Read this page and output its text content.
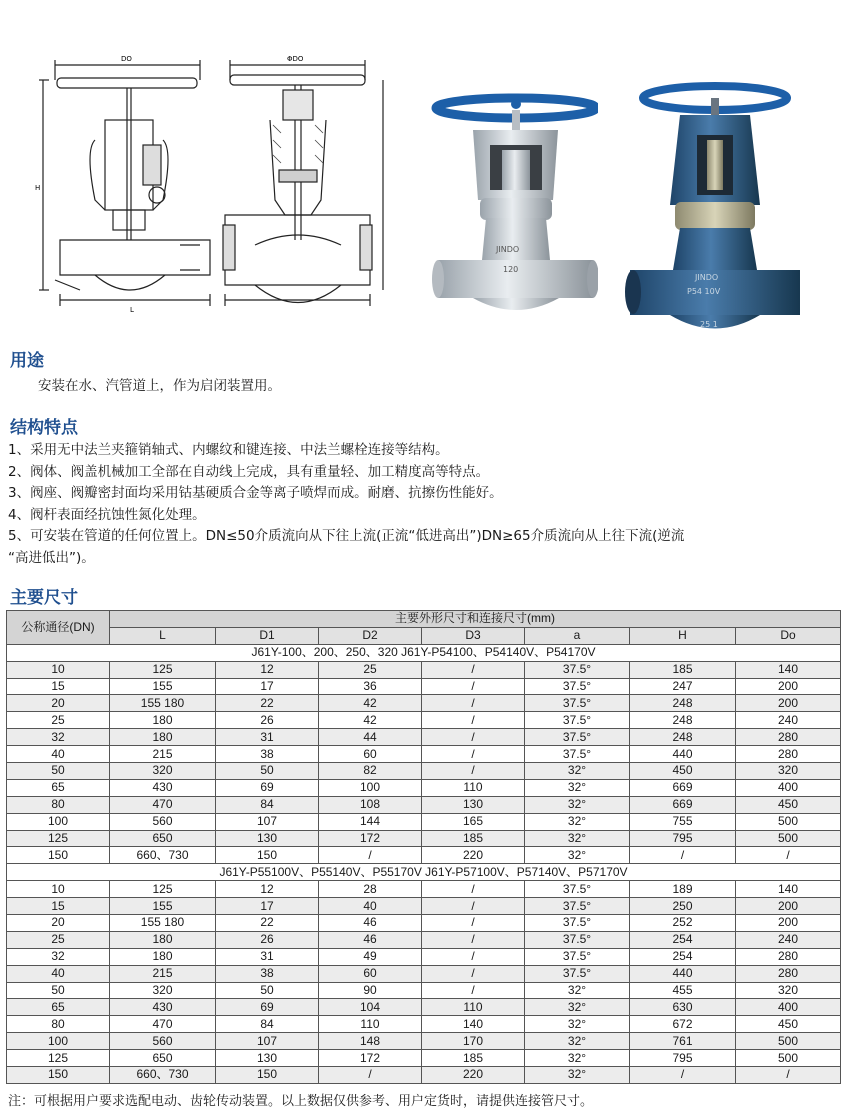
DO
H
L
ΦDO
JINDO
120
JINDO
P54 10V
25 1
用途
安装在水、汽管道上，作为启闭装置用。
结构特点
1、采用无中法兰夹箍销轴式、内螺纹和键连接、中法兰螺栓连接等结构。
2、阀体、阀盖机械加工全部在自动线上完成，具有重量轻、加工精度高等特点。
3、阀座、阀瓣密封面均采用钴基硬质合金等离子喷焊而成。耐磨、抗擦伤性能好。
4、阀杆表面经抗蚀性氮化处理。
5、可安装在管道的任何位置上。DN≤50介质流向从下往上流(正流“低进高出”)DN≥65介质流向从上往下流(逆流
“高进低出”)。
主要尺寸
公称通径(DN)	主要外形尺寸和连接尺寸(mm)						
	L	D1	D2	D3	a	H	Do
J61Y-100、200、250、320 J61Y-P54100、P54140V、P54170V							
10	125	12	25	/	37.5°	185	140
15	155	17	36	/	37.5°	247	200
20	155 180	22	42	/	37.5°	248	200
25	180	26	42	/	37.5°	248	240
32	180	31	44	/	37.5°	248	280
40	215	38	60	/	37.5°	440	280
50	320	50	82	/	32°	450	320
65	430	69	100	110	32°	669	400
80	470	84	108	130	32°	669	450
100	560	107	144	165	32°	755	500
125	650	130	172	185	32°	795	500
150	660、730	150	/	220	32°	/	/
J61Y-P55100V、P55140V、P55170V J61Y-P57100V、P57140V、P57170V							
10	125	12	28	/	37.5°	189	140
15	155	17	40	/	37.5°	250	200
20	155 180	22	46	/	37.5°	252	200
25	180	26	46	/	37.5°	254	240
32	180	31	49	/	37.5°	254	280
40	215	38	60	/	37.5°	440	280
50	320	50	90	/	32°	455	320
65	430	69	104	110	32°	630	400
80	470	84	110	140	32°	672	450
100	560	107	148	170	32°	761	500
125	650	130	172	185	32°	795	500
150	660、730	150	/	220	32°	/	/
注：可根据用户要求选配电动、齿轮传动装置。以上数据仅供参考、用户定货时，请提供连接管尺寸。
